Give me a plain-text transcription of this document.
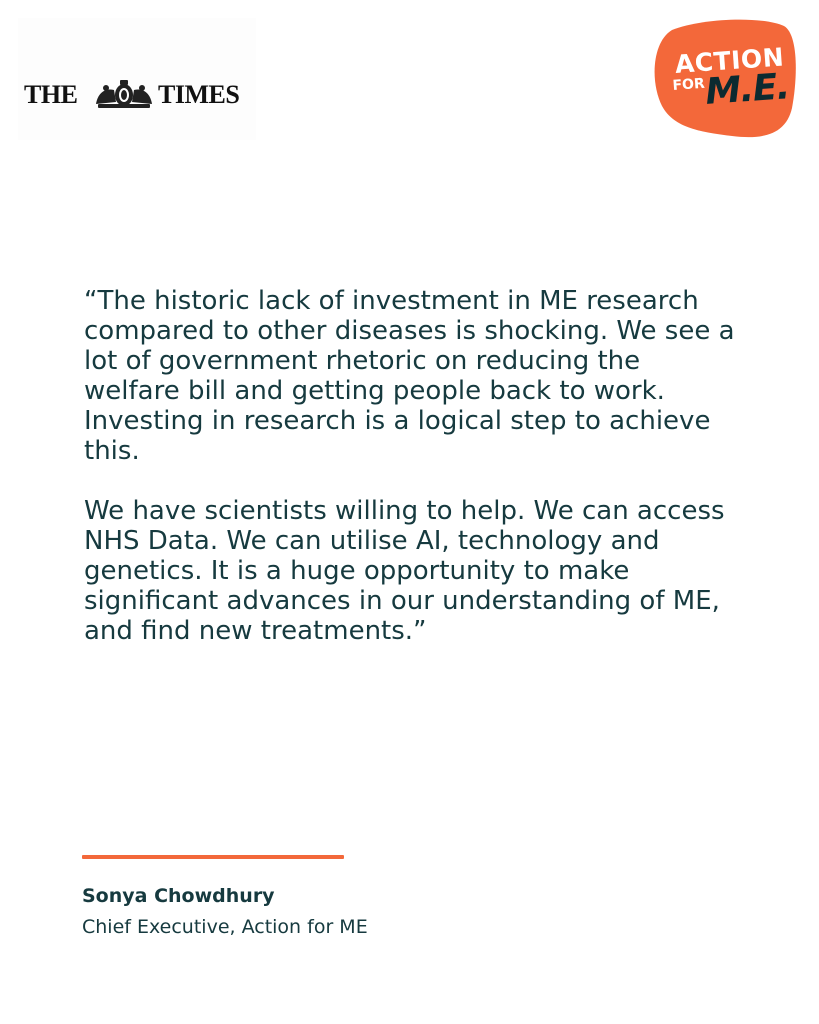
THE	TIMES
ACTION
FOR
M.E.

“The historic lack of investment in ME research compared to other diseases is shocking. We see a lot of government rhetoric on reducing the welfare bill and getting people back to work. Investing in research is a logical step to achieve this.

We have scientists willing to help. We can access NHS Data. We can utilise AI, technology and genetics. It is a huge opportunity to make significant advances in our understanding of ME, and find new treatments.”

Sonya Chowdhury
Chief Executive, Action for ME
